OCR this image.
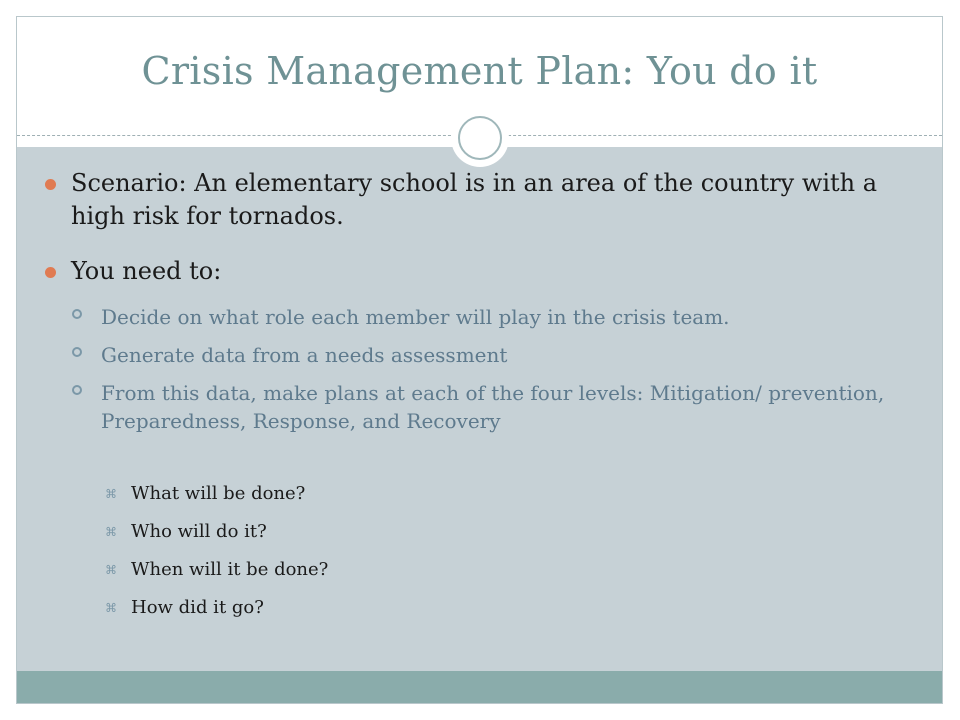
Crisis Management Plan: You do it
Scenario: An elementary school is in an area of the country with a high risk for tornados.
You need to:
Decide on what role each member will play in the crisis team.
Generate data from a needs assessment
From this data, make plans at each of the four levels: Mitigation/ prevention, Preparedness, Response, and Recovery
⌘ What will be done?
⌘ Who will do it?
⌘ When will it be done?
⌘ How did it go?
